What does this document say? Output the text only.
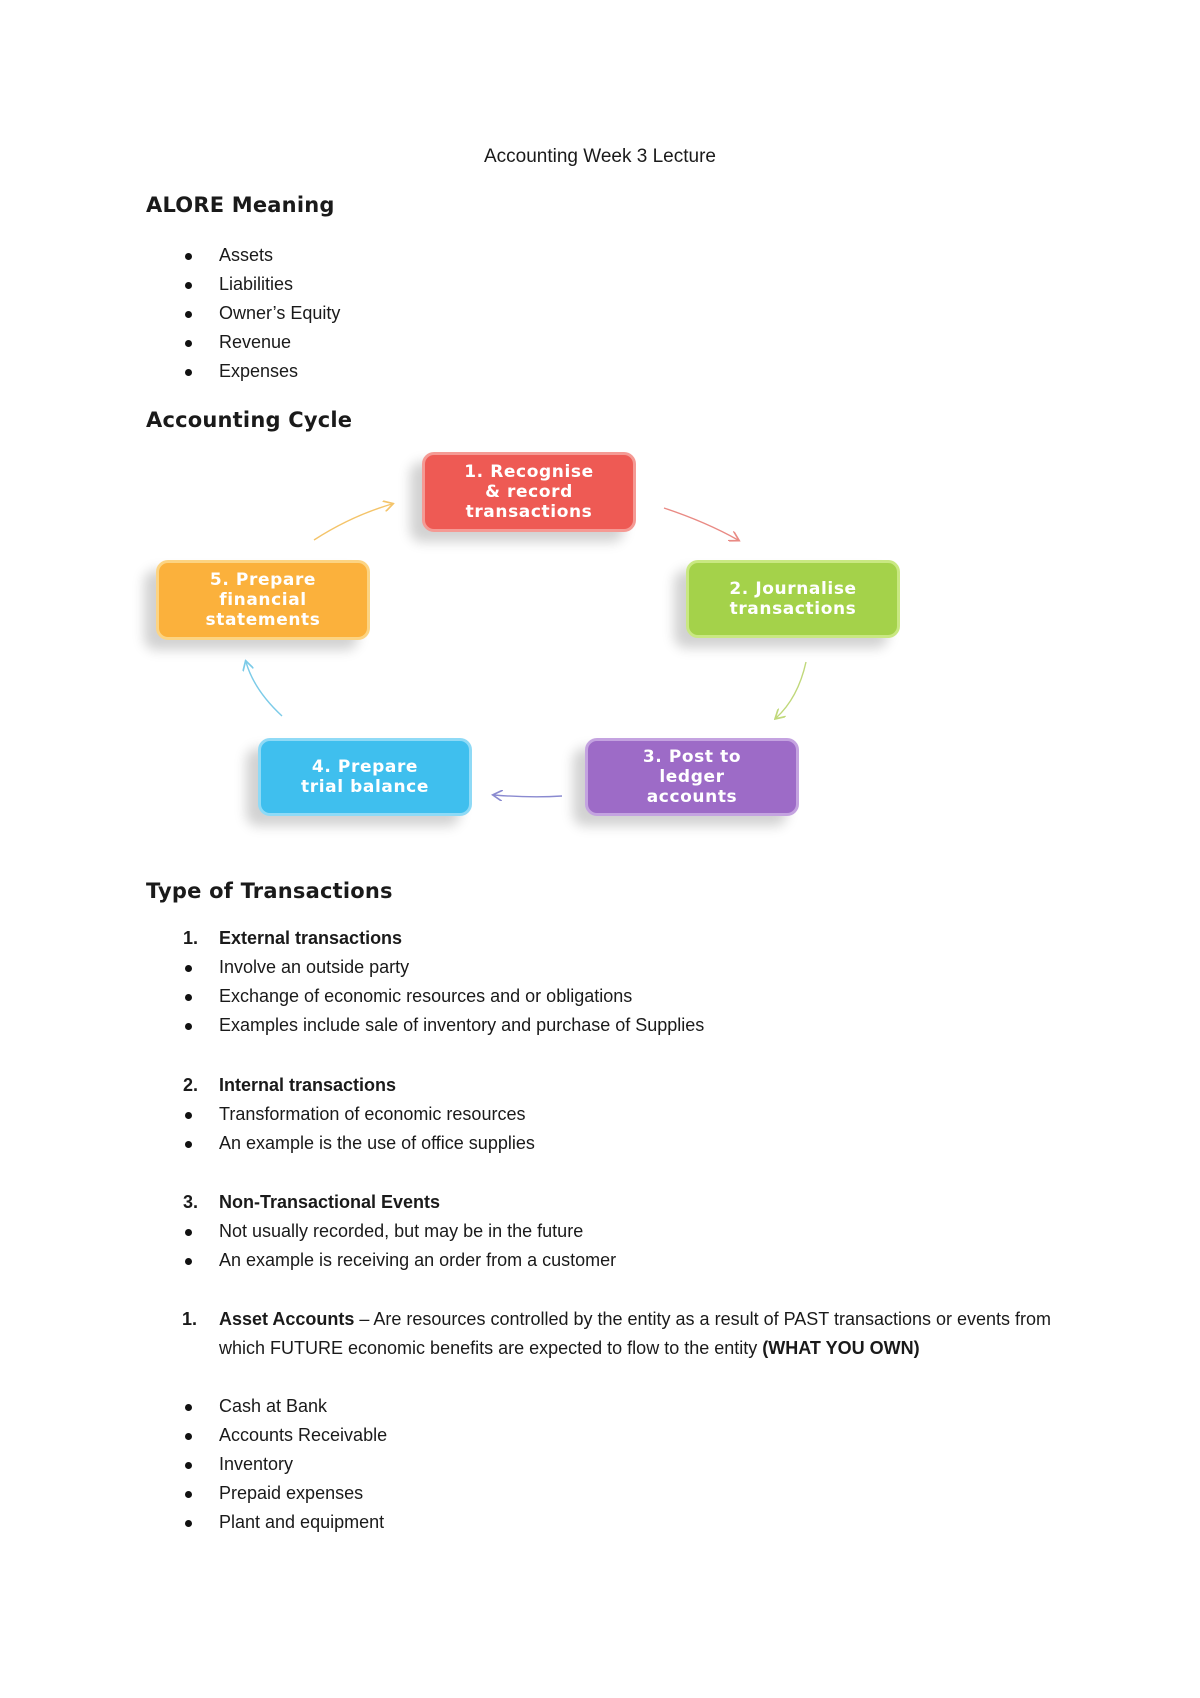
Accounting Week 3 Lecture
ALORE Meaning
Assets
Liabilities
Owner’s Equity
Revenue
Expenses
Accounting Cycle
1. Recognise
& record
transactions
2. Journalise
transactions
3. Post to
ledger
accounts
4. Prepare
trial balance
5. Prepare
financial
statements
Type of Transactions
1. External transactions
Involve an outside party
Exchange of economic resources and or obligations
Examples include sale of inventory and purchase of Supplies
2. Internal transactions
Transformation of economic resources
An example is the use of office supplies
3. Non-Transactional Events
Not usually recorded, but may be in the future
An example is receiving an order from a customer
1. Asset Accounts – Are resources controlled by the entity as a result of PAST transactions or events from which FUTURE economic benefits are expected to flow to the entity (WHAT YOU OWN)
Cash at Bank
Accounts Receivable
Inventory
Prepaid expenses
Plant and equipment
